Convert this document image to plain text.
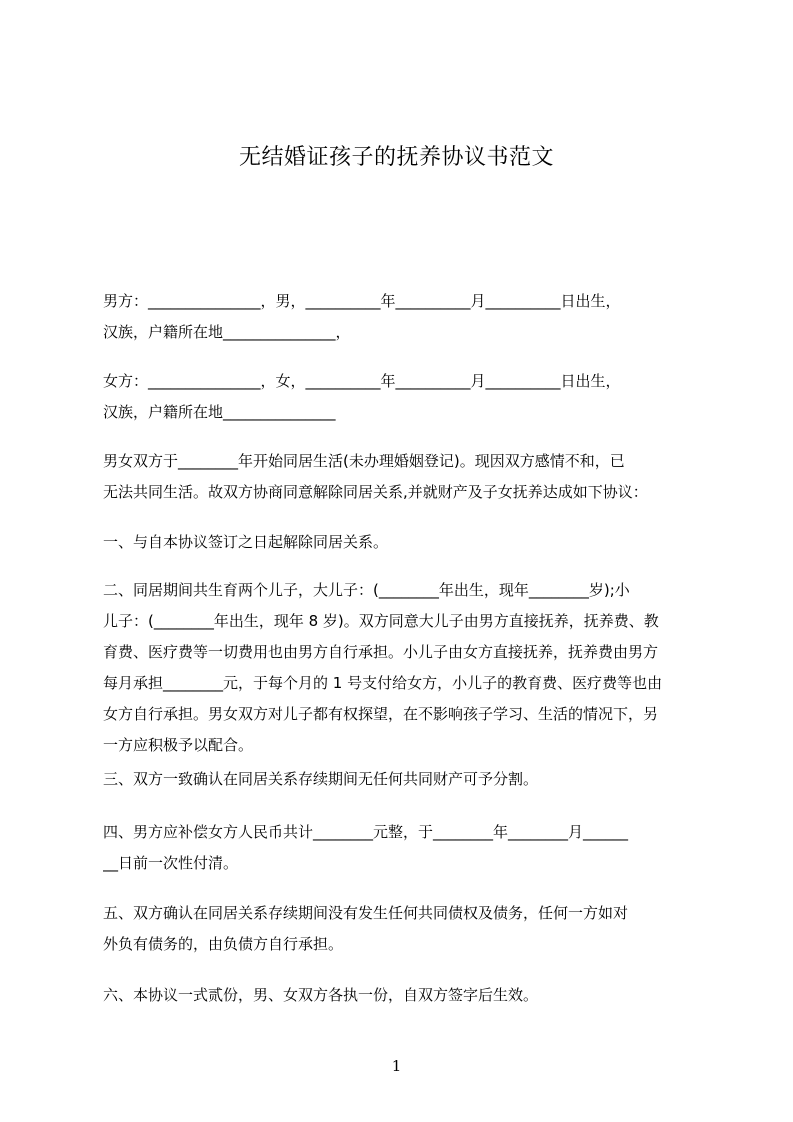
无结婚证孩子的抚养协议书范文
男方：_______________，男，__________年__________月__________日出生，
汉族，户籍所在地_______________，
女方：_______________，女，__________年__________月__________日出生，
汉族，户籍所在地_______________
男女双方于________年开始同居生活(未办理婚姻登记)。现因双方感情不和，已
无法共同生活。故双方协商同意解除同居关系,并就财产及子女抚养达成如下协议：
一、与自本协议签订之日起解除同居关系。
二、同居期间共生育两个儿子，大儿子：(________年出生，现年________岁);小
儿子：(________年出生，现年 8 岁)。双方同意大儿子由男方直接抚养，抚养费、教
育费、医疗费等一切费用也由男方自行承担。小儿子由女方直接抚养，抚养费由男方
每月承担________元，于每个月的 1 号支付给女方，小儿子的教育费、医疗费等也由
女方自行承担。男女双方对儿子都有权探望，在不影响孩子学习、生活的情况下，另
一方应积极予以配合。
三、双方一致确认在同居关系存续期间无任何共同财产可予分割。
四、男方应补偿女方人民币共计________元整，于________年________月______
__日前一次性付清。
五、双方确认在同居关系存续期间没有发生任何共同债权及债务，任何一方如对
外负有债务的，由负债方自行承担。
六、本协议一式贰份，男、女双方各执一份，自双方签字后生效。
1
